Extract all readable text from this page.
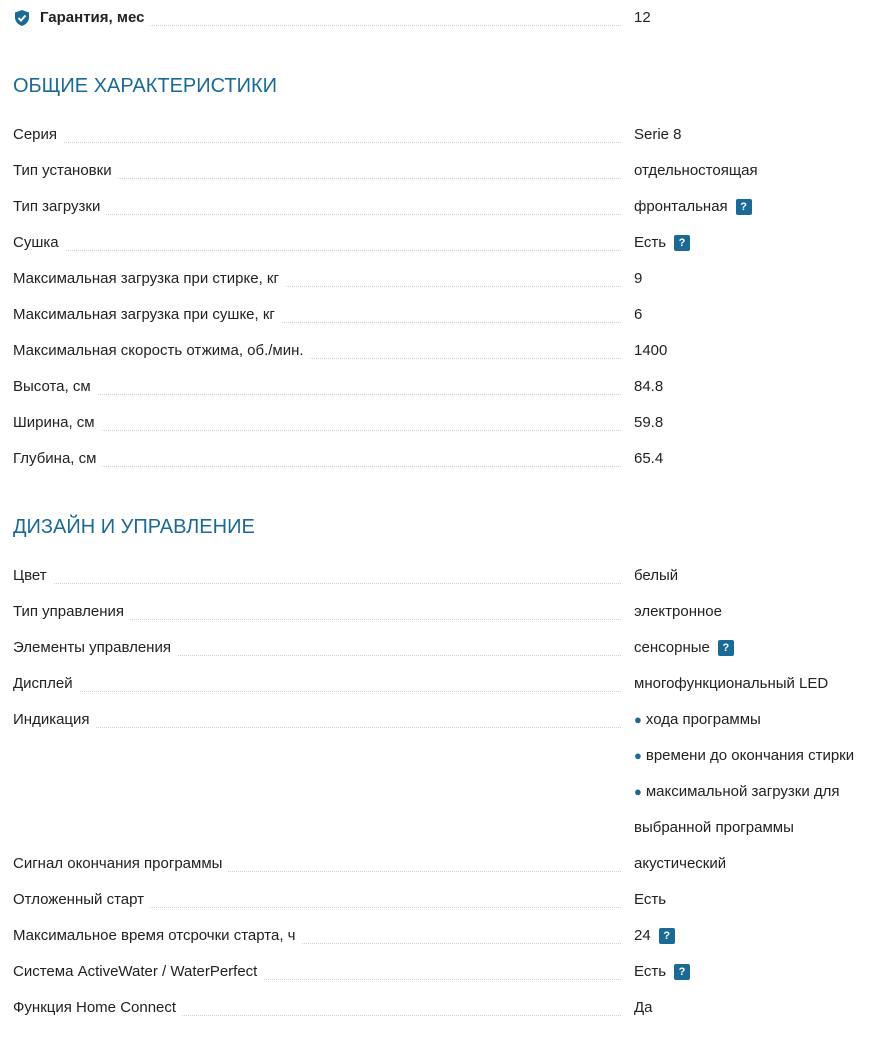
Гарантия, мес	12
ОБЩИЕ ХАРАКТЕРИСТИКИ
Серия	Serie 8
Тип установки	отдельностоящая
Тип загрузки	фронтальная ?
Сушка	Есть ?
Максимальная загрузка при стирке, кг	9
Максимальная загрузка при сушке, кг	6
Максимальная скорость отжима, об./мин.	1400
Высота, см	84.8
Ширина, см	59.8
Глубина, см	65.4
ДИЗАЙН И УПРАВЛЕНИЕ
Цвет	белый
Тип управления	электронное
Элементы управления	сенсорные ?
Дисплей	многофункциональный LED
Индикация	● хода программы
● времени до окончания стирки
● максимальной загрузки для
выбранной программы
Сигнал окончания программы	акустический
Отложенный старт	Есть
Максимальное время отсрочки старта, ч	24 ?
Система ActiveWater / WaterPerfect	Есть ?
Функция Home Connect	Да
